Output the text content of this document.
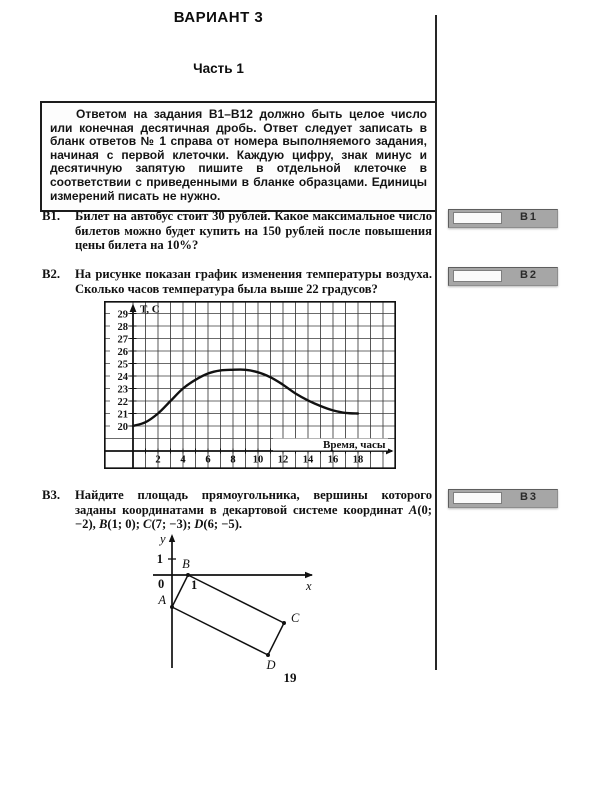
ВАРИАНТ 3
Часть 1

Ответом на задания В1–В12 должно быть целое число или конечная десятичная дробь. Ответ следует записать в бланк ответов № 1 справа от номера выполняемого задания, начиная с первой клеточки. Каждую цифру, знак минус и десятичную запятую пишите в отдельной клеточке в соответствии с приведенными в бланке образцами. Единицы измерений писать не нужно.

В1. Билет на автобус стоит 30 рублей. Какое максимальное число билетов можно будет купить на 150 рублей после повышения цены билета на 10%?
В2. На рисунке показан график изменения температуры воздуха. Сколько часов температура была выше 22 градусов?
29
28
27
26
25
24
23
22
21
20
2 4 6 8 10 12 14 16 18
Т, С
Время, часы
В3. Найдите площадь прямоугольника, вершины которого заданы координатами в декартовой системе координат A(0; −2), B(1; 0); C(7; −3); D(6; −5).
y
x
0
1
1
A
B
C
D
В1
В2
В3
19
